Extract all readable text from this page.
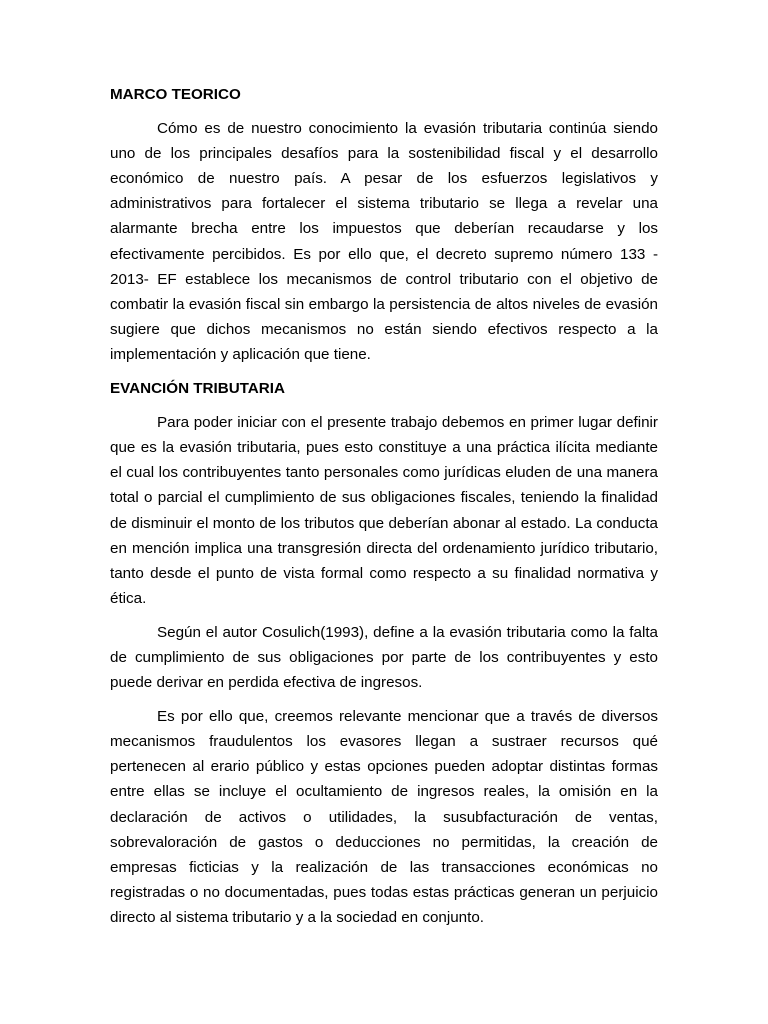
MARCO TEORICO

Cómo es de nuestro conocimiento la evasión tributaria continúa siendo uno de los principales desafíos para la sostenibilidad fiscal y el desarrollo económico de nuestro país. A pesar de los esfuerzos legislativos y administrativos para fortalecer el sistema tributario se llega a revelar una alarmante brecha entre los impuestos que deberían recaudarse y los efectivamente percibidos. Es por ello que, el decreto supremo número 133 - 2013- EF establece los mecanismos de control tributario con el objetivo de combatir la evasión fiscal sin embargo la persistencia de altos niveles de evasión sugiere que dichos mecanismos no están siendo efectivos respecto a la implementación y aplicación que tiene.

EVANCIÓN TRIBUTARIA

Para poder iniciar con el presente trabajo debemos en primer lugar definir que es la evasión tributaria, pues esto constituye a una práctica ilícita mediante el cual los contribuyentes tanto personales como jurídicas eluden de una manera total o parcial el cumplimiento de sus obligaciones fiscales, teniendo la finalidad de disminuir el monto de los tributos que deberían abonar al estado. La conducta en mención implica una transgresión directa del ordenamiento jurídico tributario, tanto desde el punto de vista formal como respecto a su finalidad normativa y ética.

Según el autor Cosulich(1993), define a la evasión tributaria como la falta de cumplimiento de sus obligaciones por parte de los contribuyentes y esto puede derivar en perdida efectiva de ingresos.

Es por ello que, creemos relevante mencionar que a través de diversos mecanismos fraudulentos los evasores llegan a sustraer recursos qué pertenecen al erario público y estas opciones pueden adoptar distintas formas entre ellas se incluye el ocultamiento de ingresos reales, la omisión en la declaración de activos o utilidades, la susubfacturación de ventas, sobrevaloración de gastos o deducciones no permitidas, la creación de empresas ficticias y la realización de las transacciones económicas no registradas o no documentadas, pues todas estas prácticas generan un perjuicio directo al sistema tributario y a la sociedad en conjunto.
